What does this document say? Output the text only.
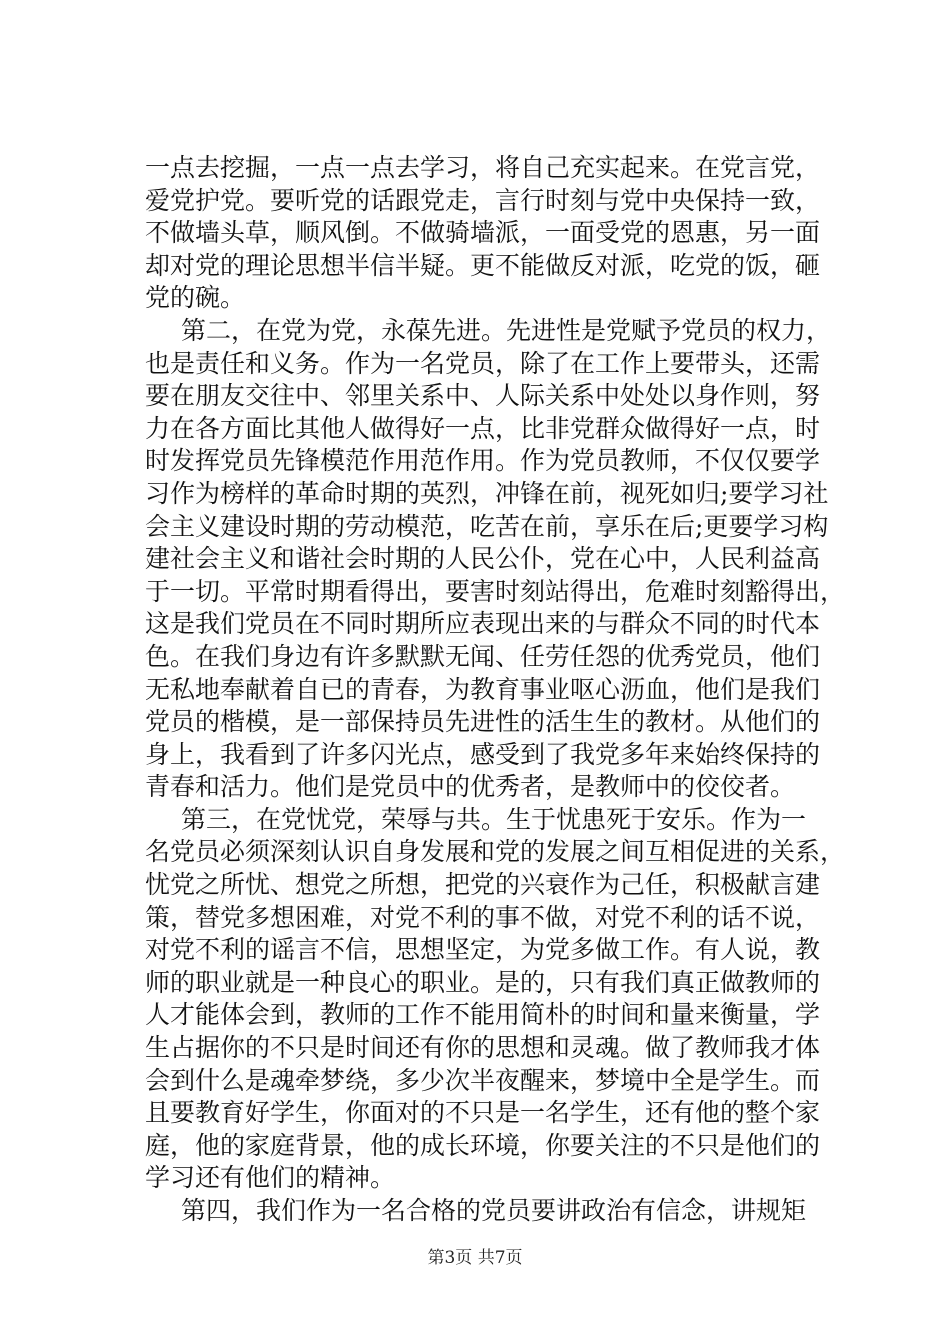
一点去挖掘，一点一点去学习，将自己充实起来。在党言党，
爱党护党。要听党的话跟党走，言行时刻与党中央保持一致，
不做墙头草，顺风倒。不做骑墙派，一面受党的恩惠，另一面
却对党的理论思想半信半疑。更不能做反对派，吃党的饭，砸
党的碗。
第二，在党为党，永葆先进。先进性是党赋予党员的权力，
也是责任和义务。作为一名党员，除了在工作上要带头，还需
要在朋友交往中、邻里关系中、人际关系中处处以身作则，努
力在各方面比其他人做得好一点，比非党群众做得好一点，时
时发挥党员先锋模范作用范作用。作为党员教师，不仅仅要学
习作为榜样的革命时期的英烈，冲锋在前，视死如归;要学习社
会主义建设时期的劳动模范，吃苦在前，享乐在后;更要学习构
建社会主义和谐社会时期的人民公仆，党在心中，人民利益高
于一切。平常时期看得出，要害时刻站得出，危难时刻豁得出，
这是我们党员在不同时期所应表现出来的与群众不同的时代本
色。在我们身边有许多默默无闻、任劳任怨的优秀党员，他们
无私地奉献着自已的青春，为教育事业呕心沥血，他们是我们
党员的楷模，是一部保持员先进性的活生生的教材。从他们的
身上，我看到了许多闪光点，感受到了我党多年来始终保持的
青春和活力。他们是党员中的优秀者，是教师中的佼佼者。
第三，在党忧党，荣辱与共。生于忧患死于安乐。作为一
名党员必须深刻认识自身发展和党的发展之间互相促进的关系，
忧党之所忧、想党之所想，把党的兴衰作为己任，积极献言建
策，替党多想困难，对党不利的事不做，对党不利的话不说，
对党不利的谣言不信，思想坚定，为党多做工作。有人说，教
师的职业就是一种良心的职业。是的，只有我们真正做教师的
人才能体会到，教师的工作不能用简朴的时间和量来衡量，学
生占据你的不只是时间还有你的思想和灵魂。做了教师我才体
会到什么是魂牵梦绕，多少次半夜醒来，梦境中全是学生。而
且要教育好学生，你面对的不只是一名学生，还有他的整个家
庭，他的家庭背景，他的成长环境，你要关注的不只是他们的
学习还有他们的精神。
第四，我们作为一名合格的党员要讲政治有信念，讲规矩
第3页 共7页
